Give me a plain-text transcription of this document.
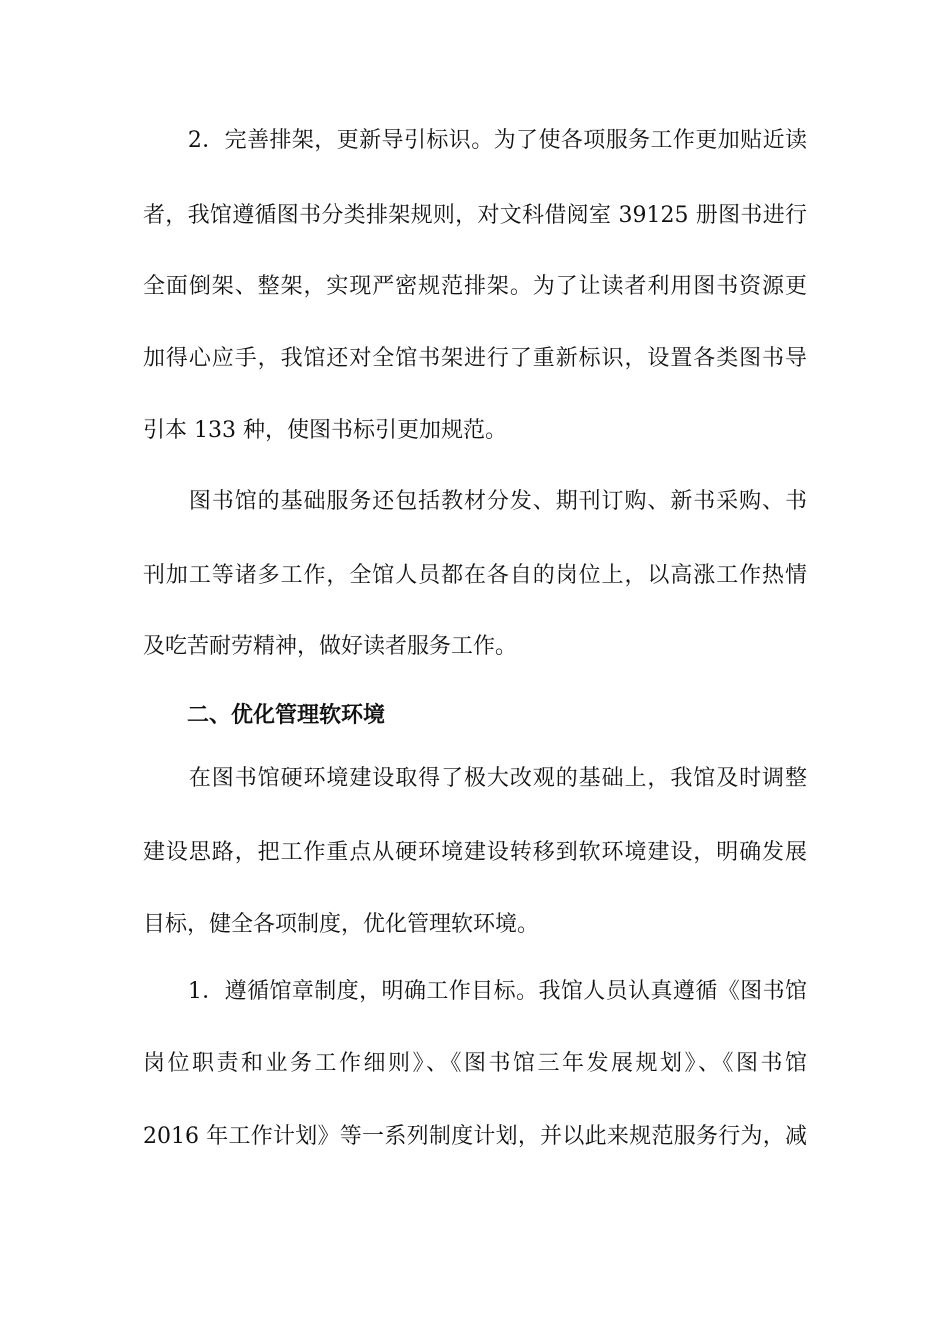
　　2．完善排架，更新导引标识。为了使各项服务工作更加贴近读
者，我馆遵循图书分类排架规则，对文科借阅室 39125 册图书进行
全面倒架、整架，实现严密规范排架。为了让读者利用图书资源更
加得心应手，我馆还对全馆书架进行了重新标识，设置各类图书导
引本 133 种，使图书标引更加规范。
　　图书馆的基础服务还包括教材分发、期刊订购、新书采购、书
刊加工等诸多工作，全馆人员都在各自的岗位上，以高涨工作热情
及吃苦耐劳精神，做好读者服务工作。
　　二、优化管理软环境
　　在图书馆硬环境建设取得了极大改观的基础上，我馆及时调整
建设思路，把工作重点从硬环境建设转移到软环境建设，明确发展
目标，健全各项制度，优化管理软环境。
　　1．遵循馆章制度，明确工作目标。我馆人员认真遵循《图书馆
岗位职责和业务工作细则》、《图书馆三年发展规划》、《图书馆
2016 年工作计划》等一系列制度计划，并以此来规范服务行为，减
